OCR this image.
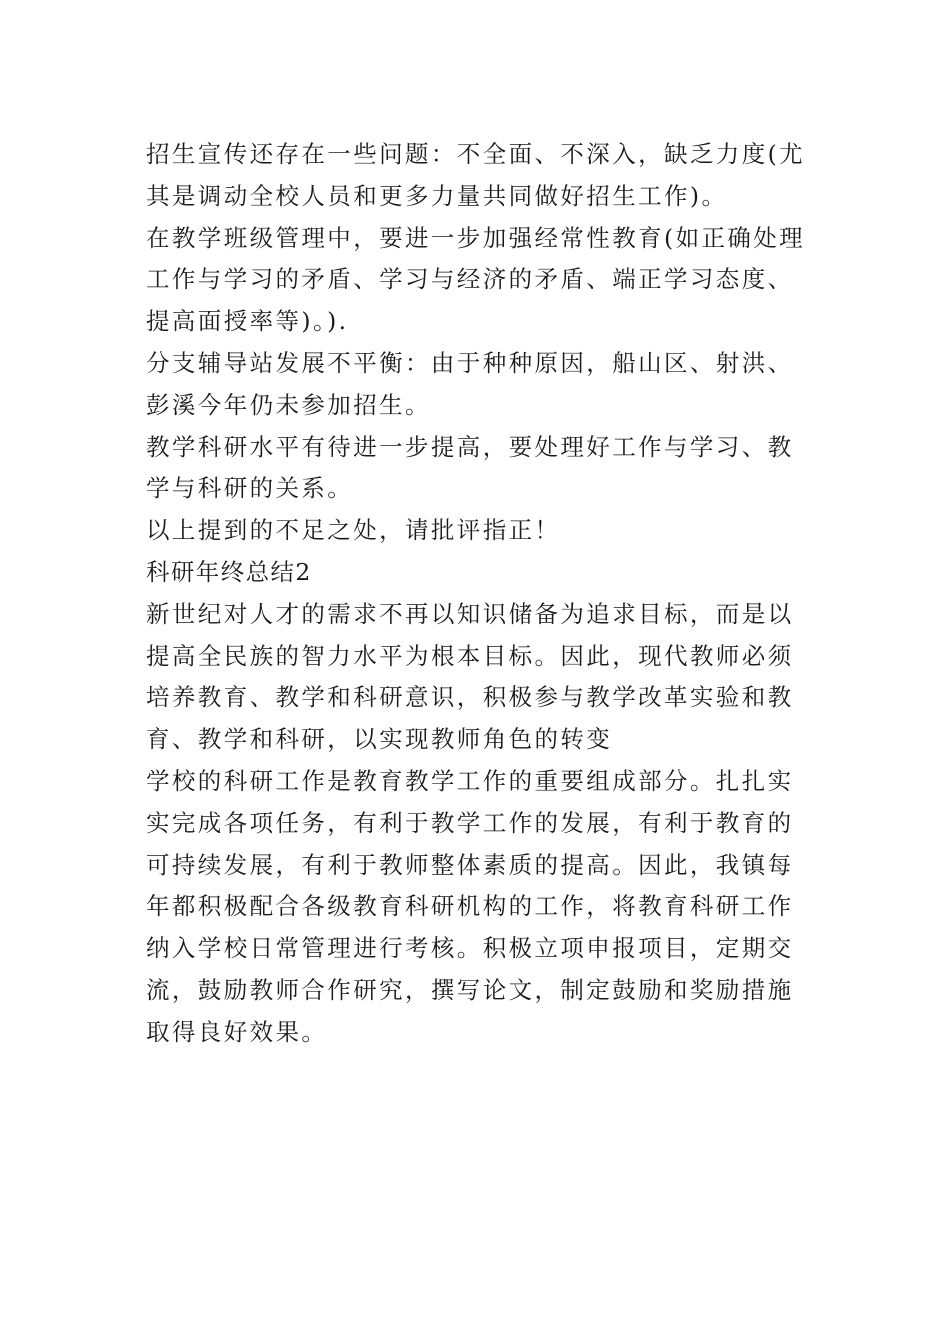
招生宣传还存在一些问题：不全面、不深入，缺乏力度(尤
其是调动全校人员和更多力量共同做好招生工作)。
在教学班级管理中，要进一步加强经常性教育(如正确处理
工作与学习的矛盾、学习与经济的矛盾、端正学习态度、
提高面授率等)。).
分支辅导站发展不平衡：由于种种原因，船山区、射洪、
彭溪今年仍未参加招生。
教学科研水平有待进一步提高，要处理好工作与学习、教
学与科研的关系。
以上提到的不足之处，请批评指正！
科研年终总结2
新世纪对人才的需求不再以知识储备为追求目标，而是以
提高全民族的智力水平为根本目标。因此，现代教师必须
培养教育、教学和科研意识，积极参与教学改革实验和教
育、教学和科研，以实现教师角色的转变
学校的科研工作是教育教学工作的重要组成部分。扎扎实
实完成各项任务，有利于教学工作的发展，有利于教育的
可持续发展，有利于教师整体素质的提高。因此，我镇每
年都积极配合各级教育科研机构的工作，将教育科研工作
纳入学校日常管理进行考核。积极立项申报项目，定期交
流，鼓励教师合作研究，撰写论文，制定鼓励和奖励措施
取得良好效果。
